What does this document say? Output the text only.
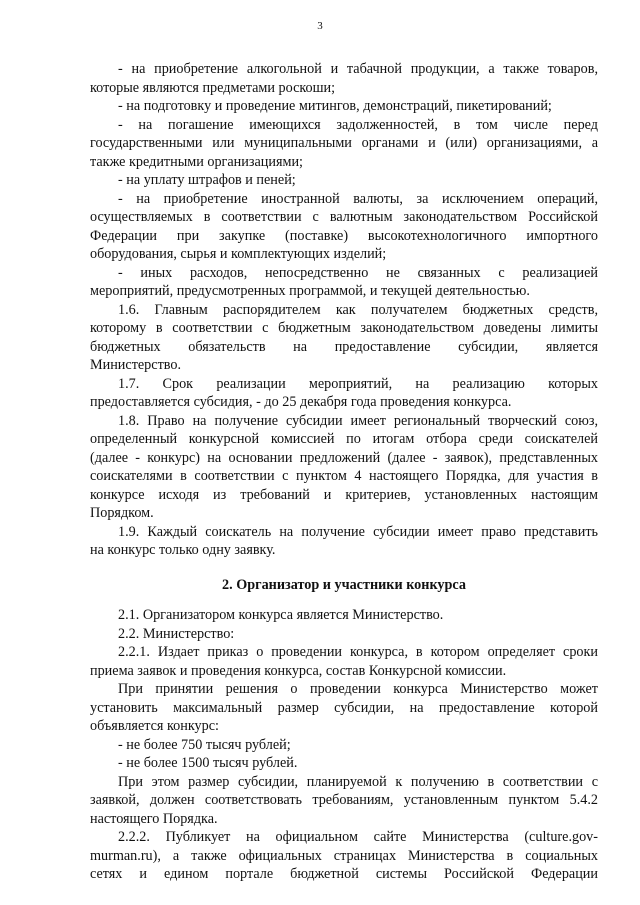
3
- на приобретение алкогольной и табачной продукции, а также товаров,
которые являются предметами роскоши;
- на подготовку и проведение митингов, демонстраций, пикетирований;
- на погашение имеющихся задолженностей, в том числе перед
государственными или муниципальными органами и (или) организациями, а
также кредитными организациями;
- на уплату штрафов и пеней;
- на приобретение иностранной валюты, за исключением операций,
осуществляемых в соответствии с валютным законодательством Российской
Федерации при закупке (поставке) высокотехнологичного импортного
оборудования, сырья и комплектующих изделий;
- иных расходов, непосредственно не связанных с реализацией
мероприятий, предусмотренных программой, и текущей деятельностью.
1.6. Главным распорядителем как получателем бюджетных средств,
которому в соответствии с бюджетным законодательством доведены лимиты
бюджетных обязательств на предоставление субсидии, является
Министерство.
1.7. Срок реализации мероприятий, на реализацию которых
предоставляется субсидия, - до 25 декабря года проведения конкурса.
1.8. Право на получение субсидии имеет региональный творческий союз,
определенный конкурсной комиссией по итогам отбора среди соискателей
(далее - конкурс) на основании предложений (далее - заявок), представленных
соискателями в соответствии с пунктом 4 настоящего Порядка, для участия в
конкурсе исходя из требований и критериев, установленных настоящим
Порядком.
1.9. Каждый соискатель на получение субсидии имеет право представить
на конкурс только одну заявку.
2. Организатор и участники конкурса
2.1. Организатором конкурса является Министерство.
2.2. Министерство:
2.2.1. Издает приказ о проведении конкурса, в котором определяет сроки
приема заявок и проведения конкурса, состав Конкурсной комиссии.
При принятии решения о проведении конкурса Министерство может
установить максимальный размер субсидии, на предоставление которой
объявляется конкурс:
- не более 750 тысяч рублей;
- не более 1500 тысяч рублей.
При этом размер субсидии, планируемой к получению в соответствии с
заявкой, должен соответствовать требованиям, установленным пунктом 5.4.2
настоящего Порядка.
2.2.2. Публикует на официальном сайте Министерства (culture.gov-
murman.ru), а также официальных страницах Министерства в социальных
сетях и едином портале бюджетной системы Российской Федерации
